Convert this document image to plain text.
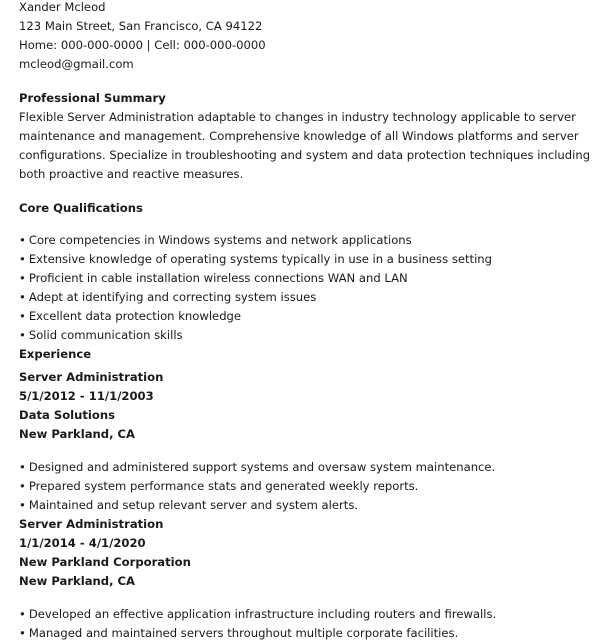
Xander Mcleod
123 Main Street, San Francisco, CA 94122
Home: 000-000-0000 | Cell: 000-000-0000
mcleod@gmail.com
Professional Summary

Flexible Server Administration adaptable to changes in industry technology applicable to server maintenance and management. Comprehensive knowledge of all Windows platforms and server configurations. Specialize in troubleshooting and system and data protection techniques including both proactive and reactive measures.

Core Qualifications
• Core competencies in Windows systems and network applications
• Extensive knowledge of operating systems typically in use in a business setting
• Proficient in cable installation wireless connections WAN and LAN
• Adept at identifying and correcting system issues
• Excellent data protection knowledge
• Solid communication skills
Experience
Server Administration
5/1/2012 - 11/1/2003
Data Solutions
New Parkland, CA
• Designed and administered support systems and oversaw system maintenance.
• Prepared system performance stats and generated weekly reports.
• Maintained and setup relevant server and system alerts.
Server Administration
1/1/2014 - 4/1/2020
New Parkland Corporation
New Parkland, CA
• Developed an effective application infrastructure including routers and firewalls.
• Managed and maintained servers throughout multiple corporate facilities.
